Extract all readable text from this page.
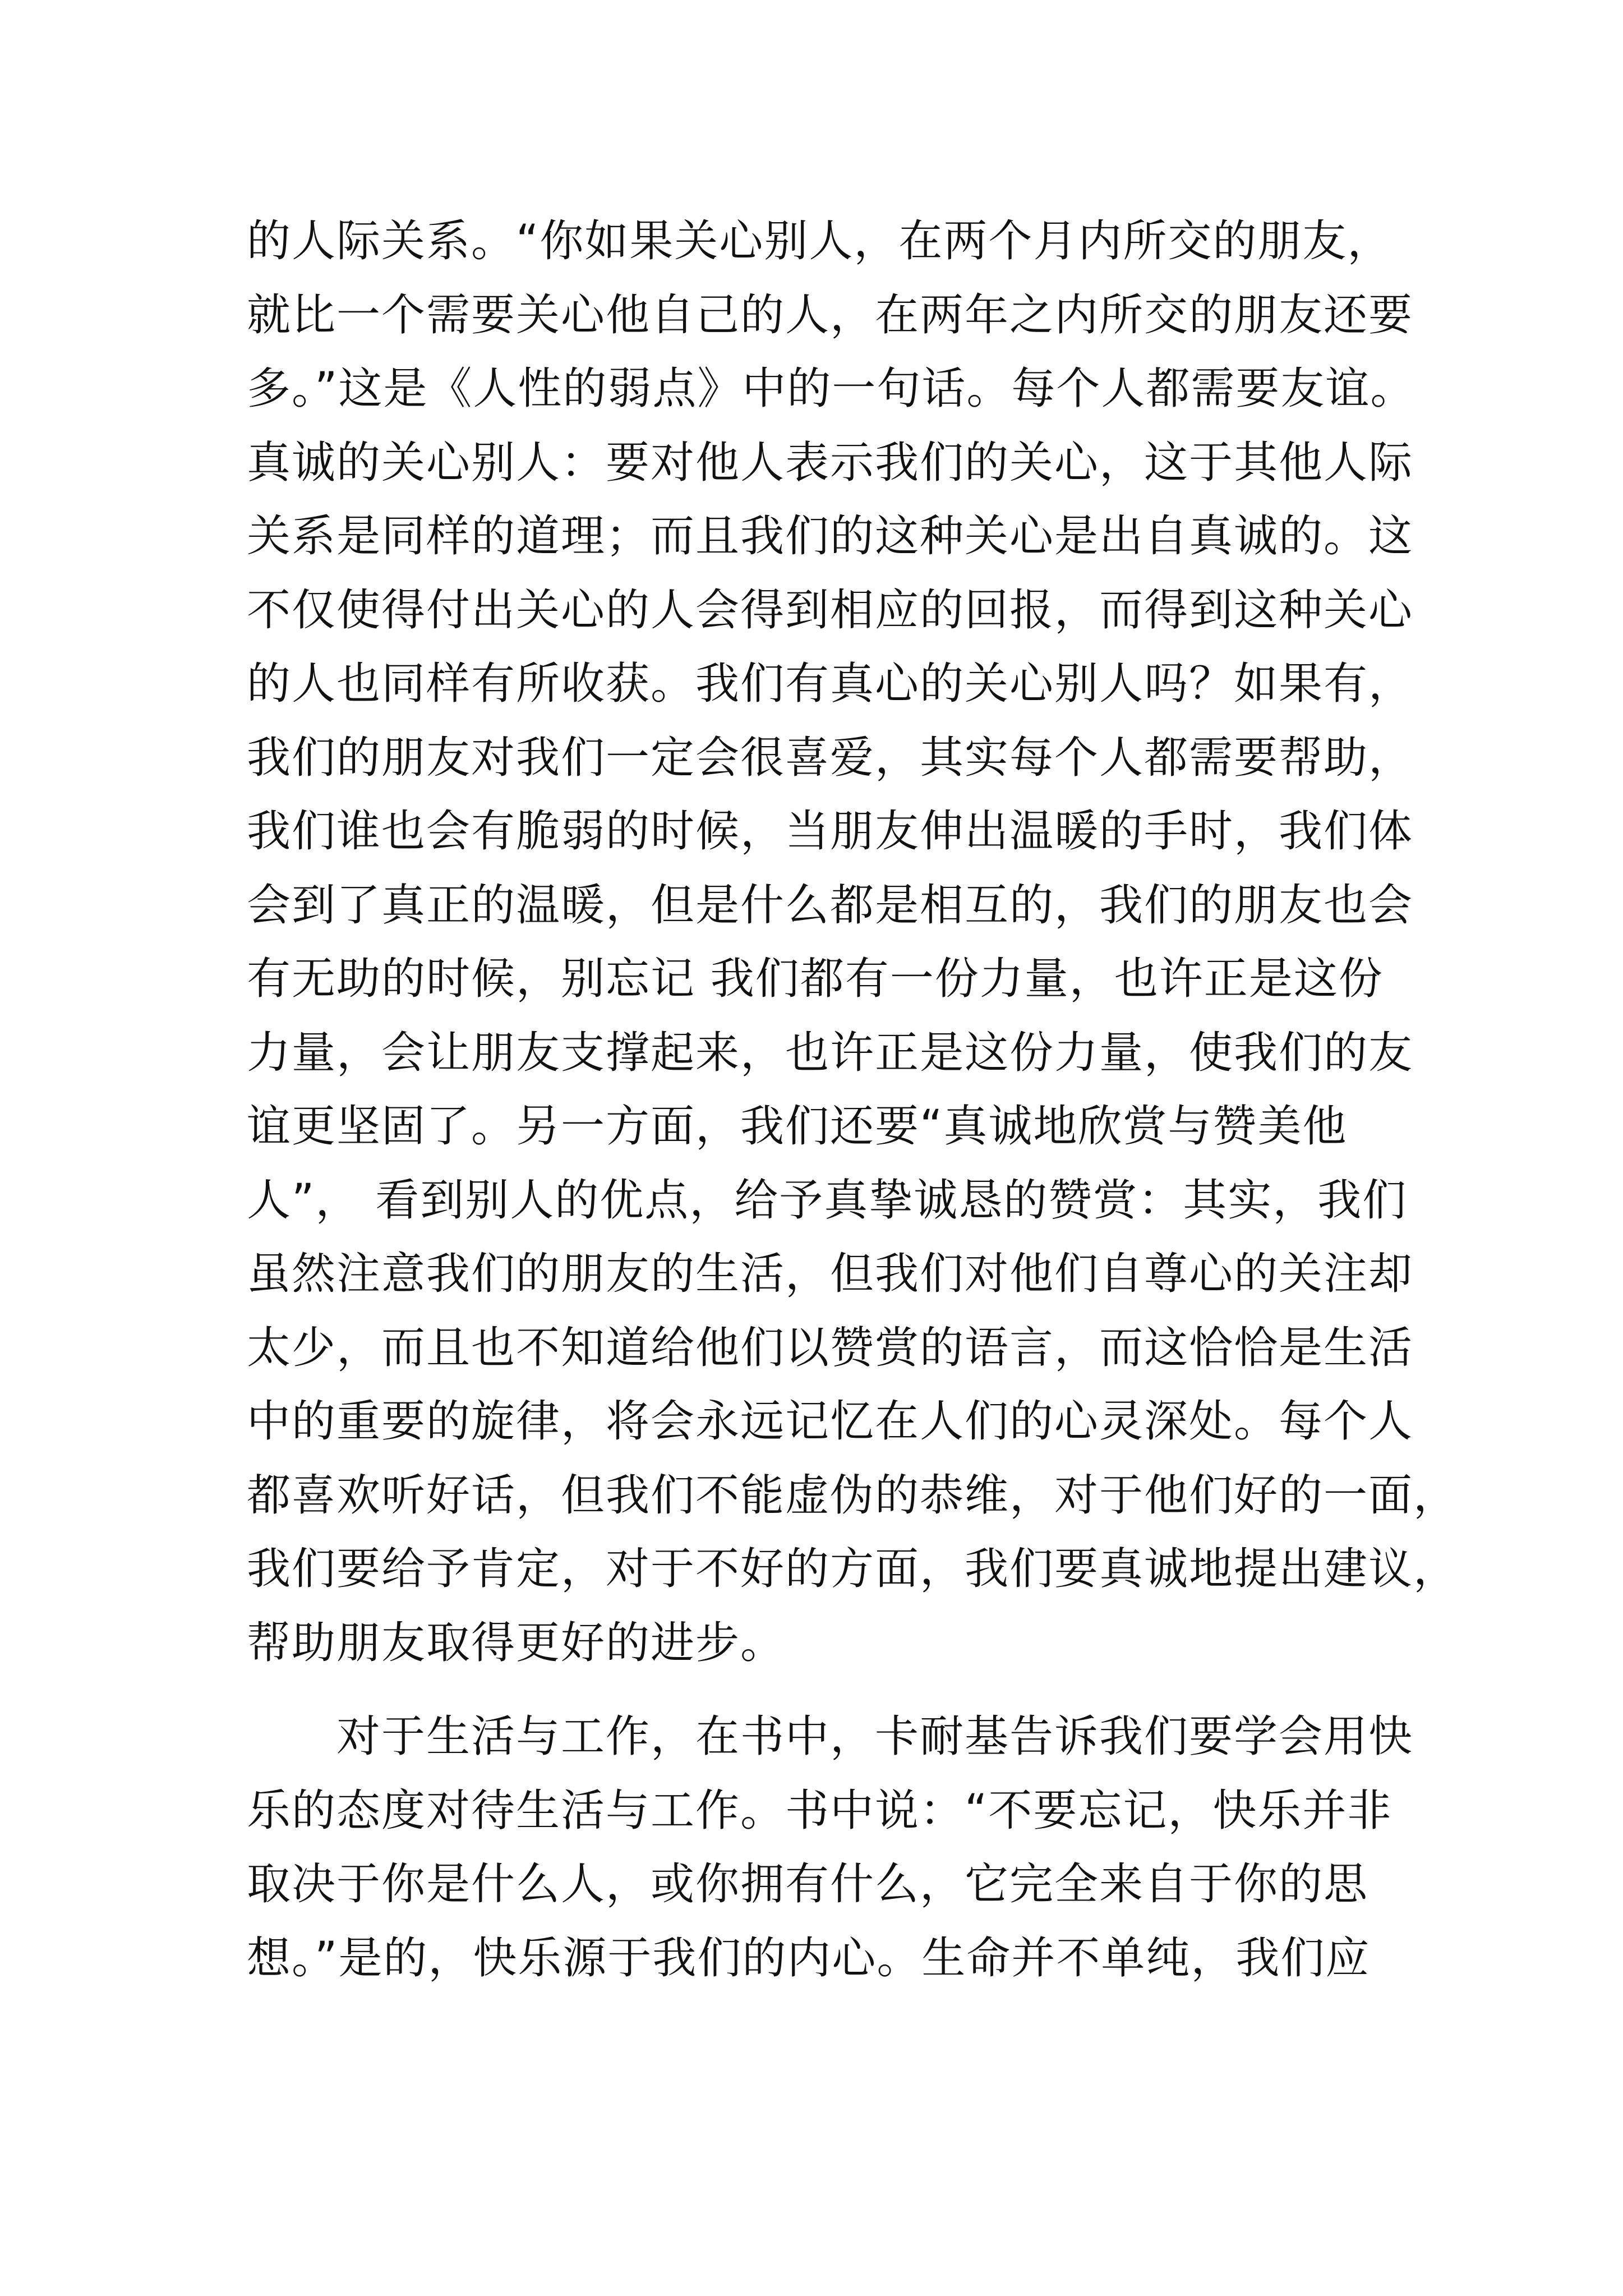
的人际关系。“你如果关心别人，在两个月内所交的朋友，

就比一个需要关心他自己的人，在两年之内所交的朋友还要

多。”这是《人性的弱点》中的一句话。每个人都需要友谊。

真诚的关心别人：要对他人表示我们的关心，这于其他人际

关系是同样的道理；而且我们的这种关心是出自真诚的。这

不仅使得付出关心的人会得到相应的回报，而得到这种关心

的人也同样有所收获。我们有真心的关心别人吗？如果有，

我们的朋友对我们一定会很喜爱，其实每个人都需要帮助，

我们谁也会有脆弱的时候，当朋友伸出温暖的手时，我们体

会到了真正的温暖，但是什么都是相互的，我们的朋友也会

有无助的时候，别忘记 我们都有一份力量，也许正是这份

力量，会让朋友支撑起来，也许正是这份力量，使我们的友

谊更坚固了。另一方面，我们还要“真诚地欣赏与赞美他

人”， 看到别人的优点，给予真挚诚恳的赞赏：其实，我们

虽然注意我们的朋友的生活，但我们对他们自尊心的关注却

太少，而且也不知道给他们以赞赏的语言，而这恰恰是生活

中的重要的旋律，将会永远记忆在人们的心灵深处。每个人

都喜欢听好话，但我们不能虚伪的恭维，对于他们好的一面，

我们要给予肯定，对于不好的方面，我们要真诚地提出建议，

帮助朋友取得更好的进步。

　　对于生活与工作，在书中，卡耐基告诉我们要学会用快

乐的态度对待生活与工作。书中说：“不要忘记，快乐并非

取决于你是什么人，或你拥有什么，它完全来自于你的思

想。”是的，快乐源于我们的内心。生命并不单纯，我们应
